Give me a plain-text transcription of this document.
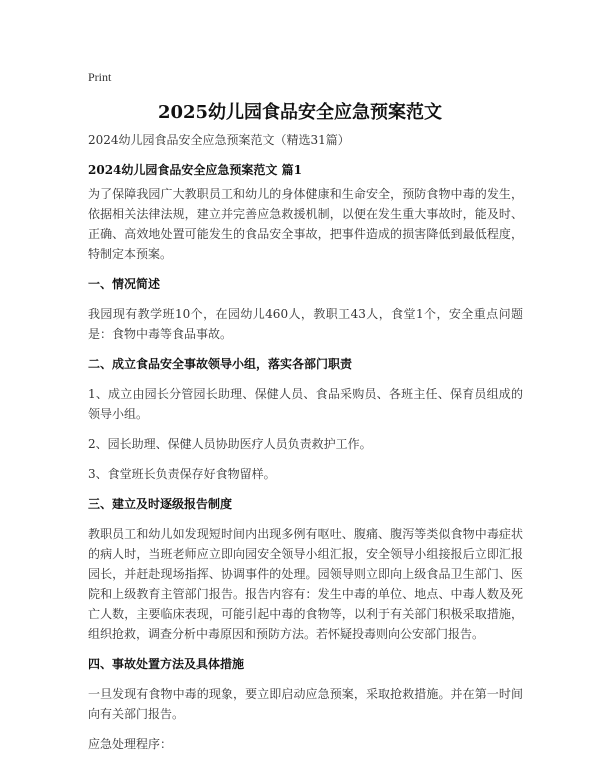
Print
2025幼儿园食品安全应急预案范文
2024幼儿园食品安全应急预案范文（精选31篇）
2024幼儿园食品安全应急预案范文 篇1

为了保障我园广大教职员工和幼儿的身体健康和生命安全，预防食物中毒的发生，依据相关法律法规，建立并完善应急救援机制，以便在发生重大事故时，能及时、正确、高效地处置可能发生的食品安全事故，把事件造成的损害降低到最低程度，特制定本预案。

一、情况简述

我园现有教学班10个，在园幼儿460人，教职工43人，食堂1个，安全重点问题是：食物中毒等食品事故。

二、成立食品安全事故领导小组，落实各部门职责

1、成立由园长分管园长助理、保健人员、食品采购员、各班主任、保育员组成的领导小组。

2、园长助理、保健人员协助医疗人员负责救护工作。

3、食堂班长负责保存好食物留样。

三、建立及时逐级报告制度

教职员工和幼儿如发现短时间内出现多例有呕吐、腹痛、腹泻等类似食物中毒症状的病人时，当班老师应立即向园安全领导小组汇报，安全领导小组接报后立即汇报园长，并赶赴现场指挥、协调事件的处理。园领导则立即向上级食品卫生部门、医院和上级教育主管部门报告。报告内容有：发生中毒的单位、地点、中毒人数及死亡人数，主要临床表现，可能引起中毒的食物等，以利于有关部门积极采取措施，组织抢救，调查分析中毒原因和预防方法。若怀疑投毒则向公安部门报告。

四、事故处置方法及具体措施

一旦发现有食物中毒的现象，要立即启动应急预案，采取抢救措施。并在第一时间向有关部门报告。

应急处理程序：
